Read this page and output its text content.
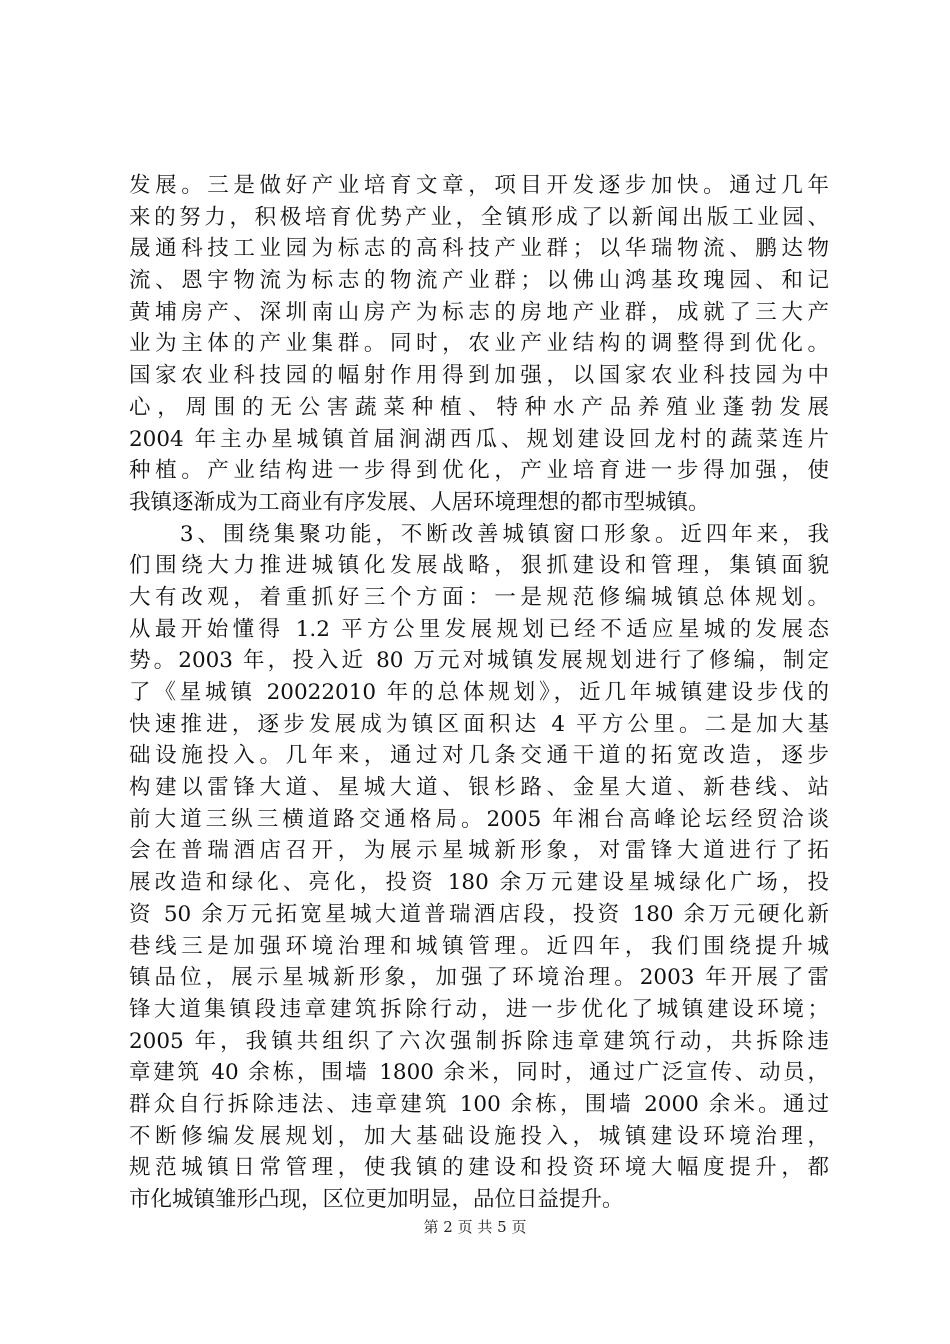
发展。三是做好产业培育文章，项目开发逐步加快。通过几年
来的努力，积极培育优势产业，全镇形成了以新闻出版工业园、
晟通科技工业园为标志的高科技产业群；以华瑞物流、鹏达物
流、恩宇物流为标志的物流产业群；以佛山鸿基玫瑰园、和记
黄埔房产、深圳南山房产为标志的房地产业群，成就了三大产
业为主体的产业集群。同时，农业产业结构的调整得到优化。
国家农业科技园的幅射作用得到加强，以国家农业科技园为中
心，周围的无公害蔬菜种植、特种水产品养殖业蓬勃发展
2004 年主办星城镇首届涧湖西瓜、规划建设回龙村的蔬菜连片
种植。产业结构进一步得到优化，产业培育进一步得加强，使
我镇逐渐成为工商业有序发展、人居环境理想的都市型城镇。
　　3、围绕集聚功能，不断改善城镇窗口形象。近四年来，我
们围绕大力推进城镇化发展战略，狠抓建设和管理，集镇面貌
大有改观，着重抓好三个方面：一是规范修编城镇总体规划。
从最开始懂得 1.2 平方公里发展规划已经不适应星城的发展态
势。2003 年，投入近 80 万元对城镇发展规划进行了修编，制定
了《星城镇 20022010 年的总体规划》，近几年城镇建设步伐的
快速推进，逐步发展成为镇区面积达 4 平方公里。二是加大基
础设施投入。几年来，通过对几条交通干道的拓宽改造，逐步
构建以雷锋大道、星城大道、银杉路、金星大道、新巷线、站
前大道三纵三横道路交通格局。2005 年湘台高峰论坛经贸洽谈
会在普瑞酒店召开，为展示星城新形象，对雷锋大道进行了拓
展改造和绿化、亮化，投资 180 余万元建设星城绿化广场，投
资 50 余万元拓宽星城大道普瑞酒店段，投资 180 余万元硬化新
巷线三是加强环境治理和城镇管理。近四年，我们围绕提升城
镇品位，展示星城新形象，加强了环境治理。2003 年开展了雷
锋大道集镇段违章建筑拆除行动，进一步优化了城镇建设环境；
2005 年，我镇共组织了六次强制拆除违章建筑行动，共拆除违
章建筑 40 余栋，围墙 1800 余米，同时，通过广泛宣传、动员，
群众自行拆除违法、违章建筑 100 余栋，围墙 2000 余米。通过
不断修编发展规划，加大基础设施投入，城镇建设环境治理，
规范城镇日常管理，使我镇的建设和投资环境大幅度提升，都
市化城镇雏形凸现，区位更加明显，品位日益提升。
第 2 页 共 5 页
